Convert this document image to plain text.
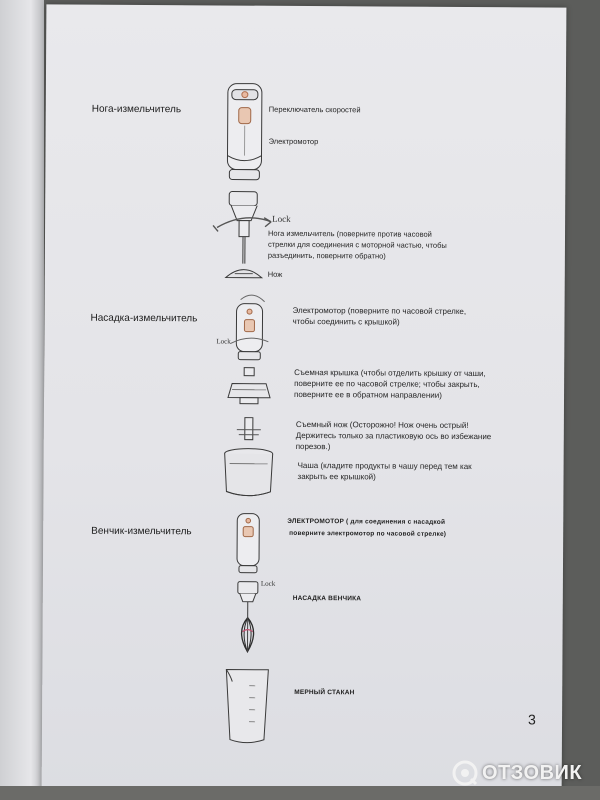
Нога-измельчитель	Переключатель скоростей
Электромотор
Lock
Нога измельчитель (поверните против часовой
стрелки для соединения с моторной частью, чтобы
разъединить, поверните обратно)
Нож
Насадка-измельчитель
Электромотор (поверните по часовой стрелке,
чтобы соединить с крышкой)
Lock
Съемная крышка (чтобы отделить крышку от чаши,
поверните ее по часовой стрелке; чтобы закрыть,
поверните ее в обратном направлении)
Съемный нож (Осторожно! Нож очень острый!
Держитесь только за пластиковую ось во избежание
порезов.)
Чаша (кладите продукты в чашу перед тем как
закрыть ее крышкой)
Венчик-измельчитель
ЭЛЕКТРОМОТОР ( для соединения с насадкой
поверните электромотор по часовой стрелке)
Lock
НАСАДКА ВЕНЧИКА
МЕРНЫЙ СТАКАН
3
ОТЗОВИК
